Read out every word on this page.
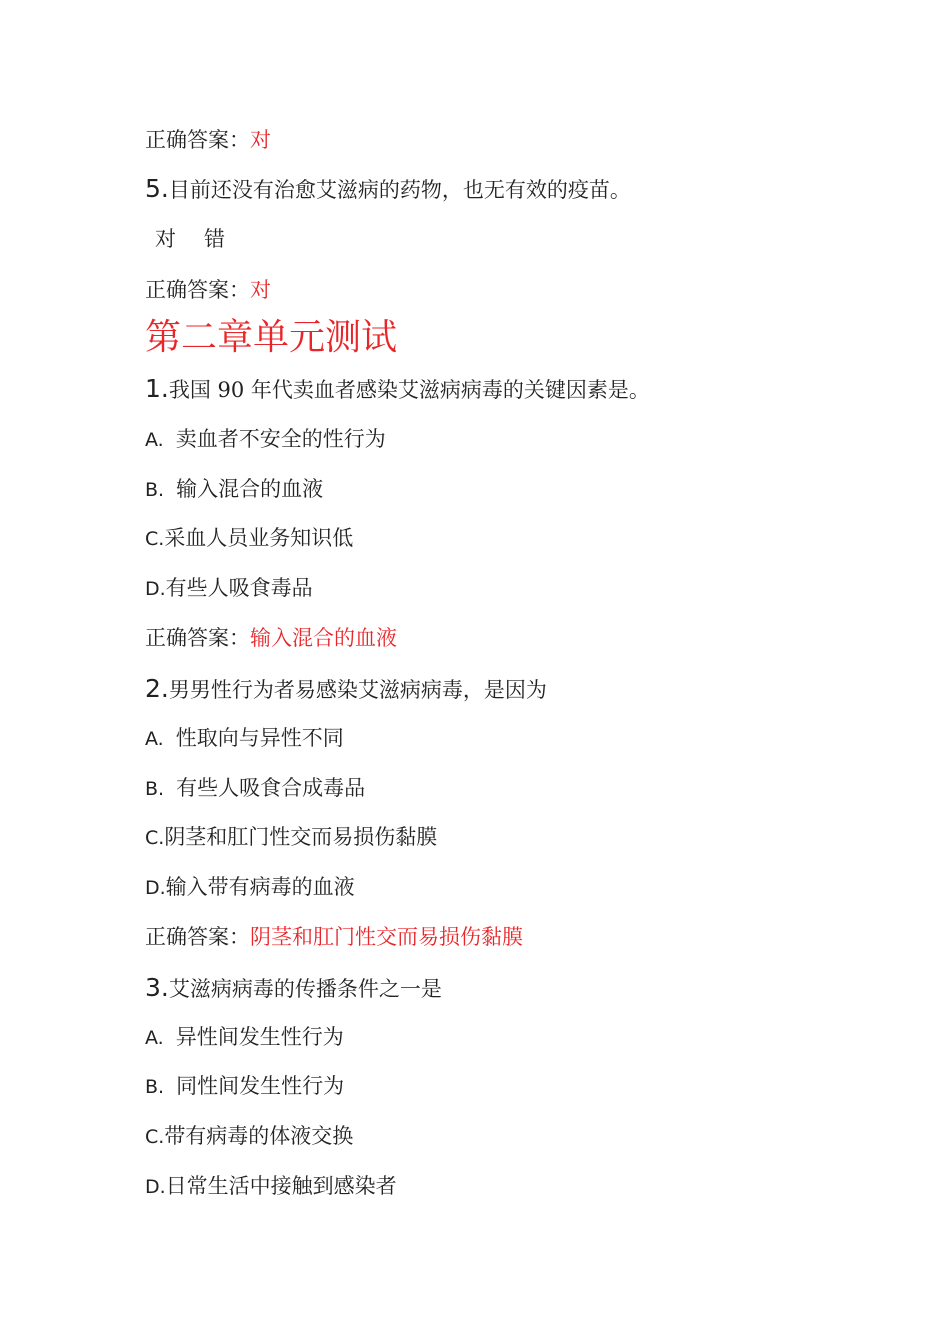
正确答案：对
5.目前还没有治愈艾滋病的药物，也无有效的疫苗。
对 错
正确答案：对
第二章单元测试
1.我国 90 年代卖血者感染艾滋病病毒的关键因素是。
A. 卖血者不安全的性行为
B. 输入混合的血液
C.采血人员业务知识低
D.有些人吸食毒品
正确答案：输入混合的血液
2.男男性行为者易感染艾滋病病毒，是因为
A. 性取向与异性不同
B. 有些人吸食合成毒品
C.阴茎和肛门性交而易损伤黏膜
D.输入带有病毒的血液
正确答案：阴茎和肛门性交而易损伤黏膜
3.艾滋病病毒的传播条件之一是
A. 异性间发生性行为
B. 同性间发生性行为
C.带有病毒的体液交换
D.日常生活中接触到感染者
